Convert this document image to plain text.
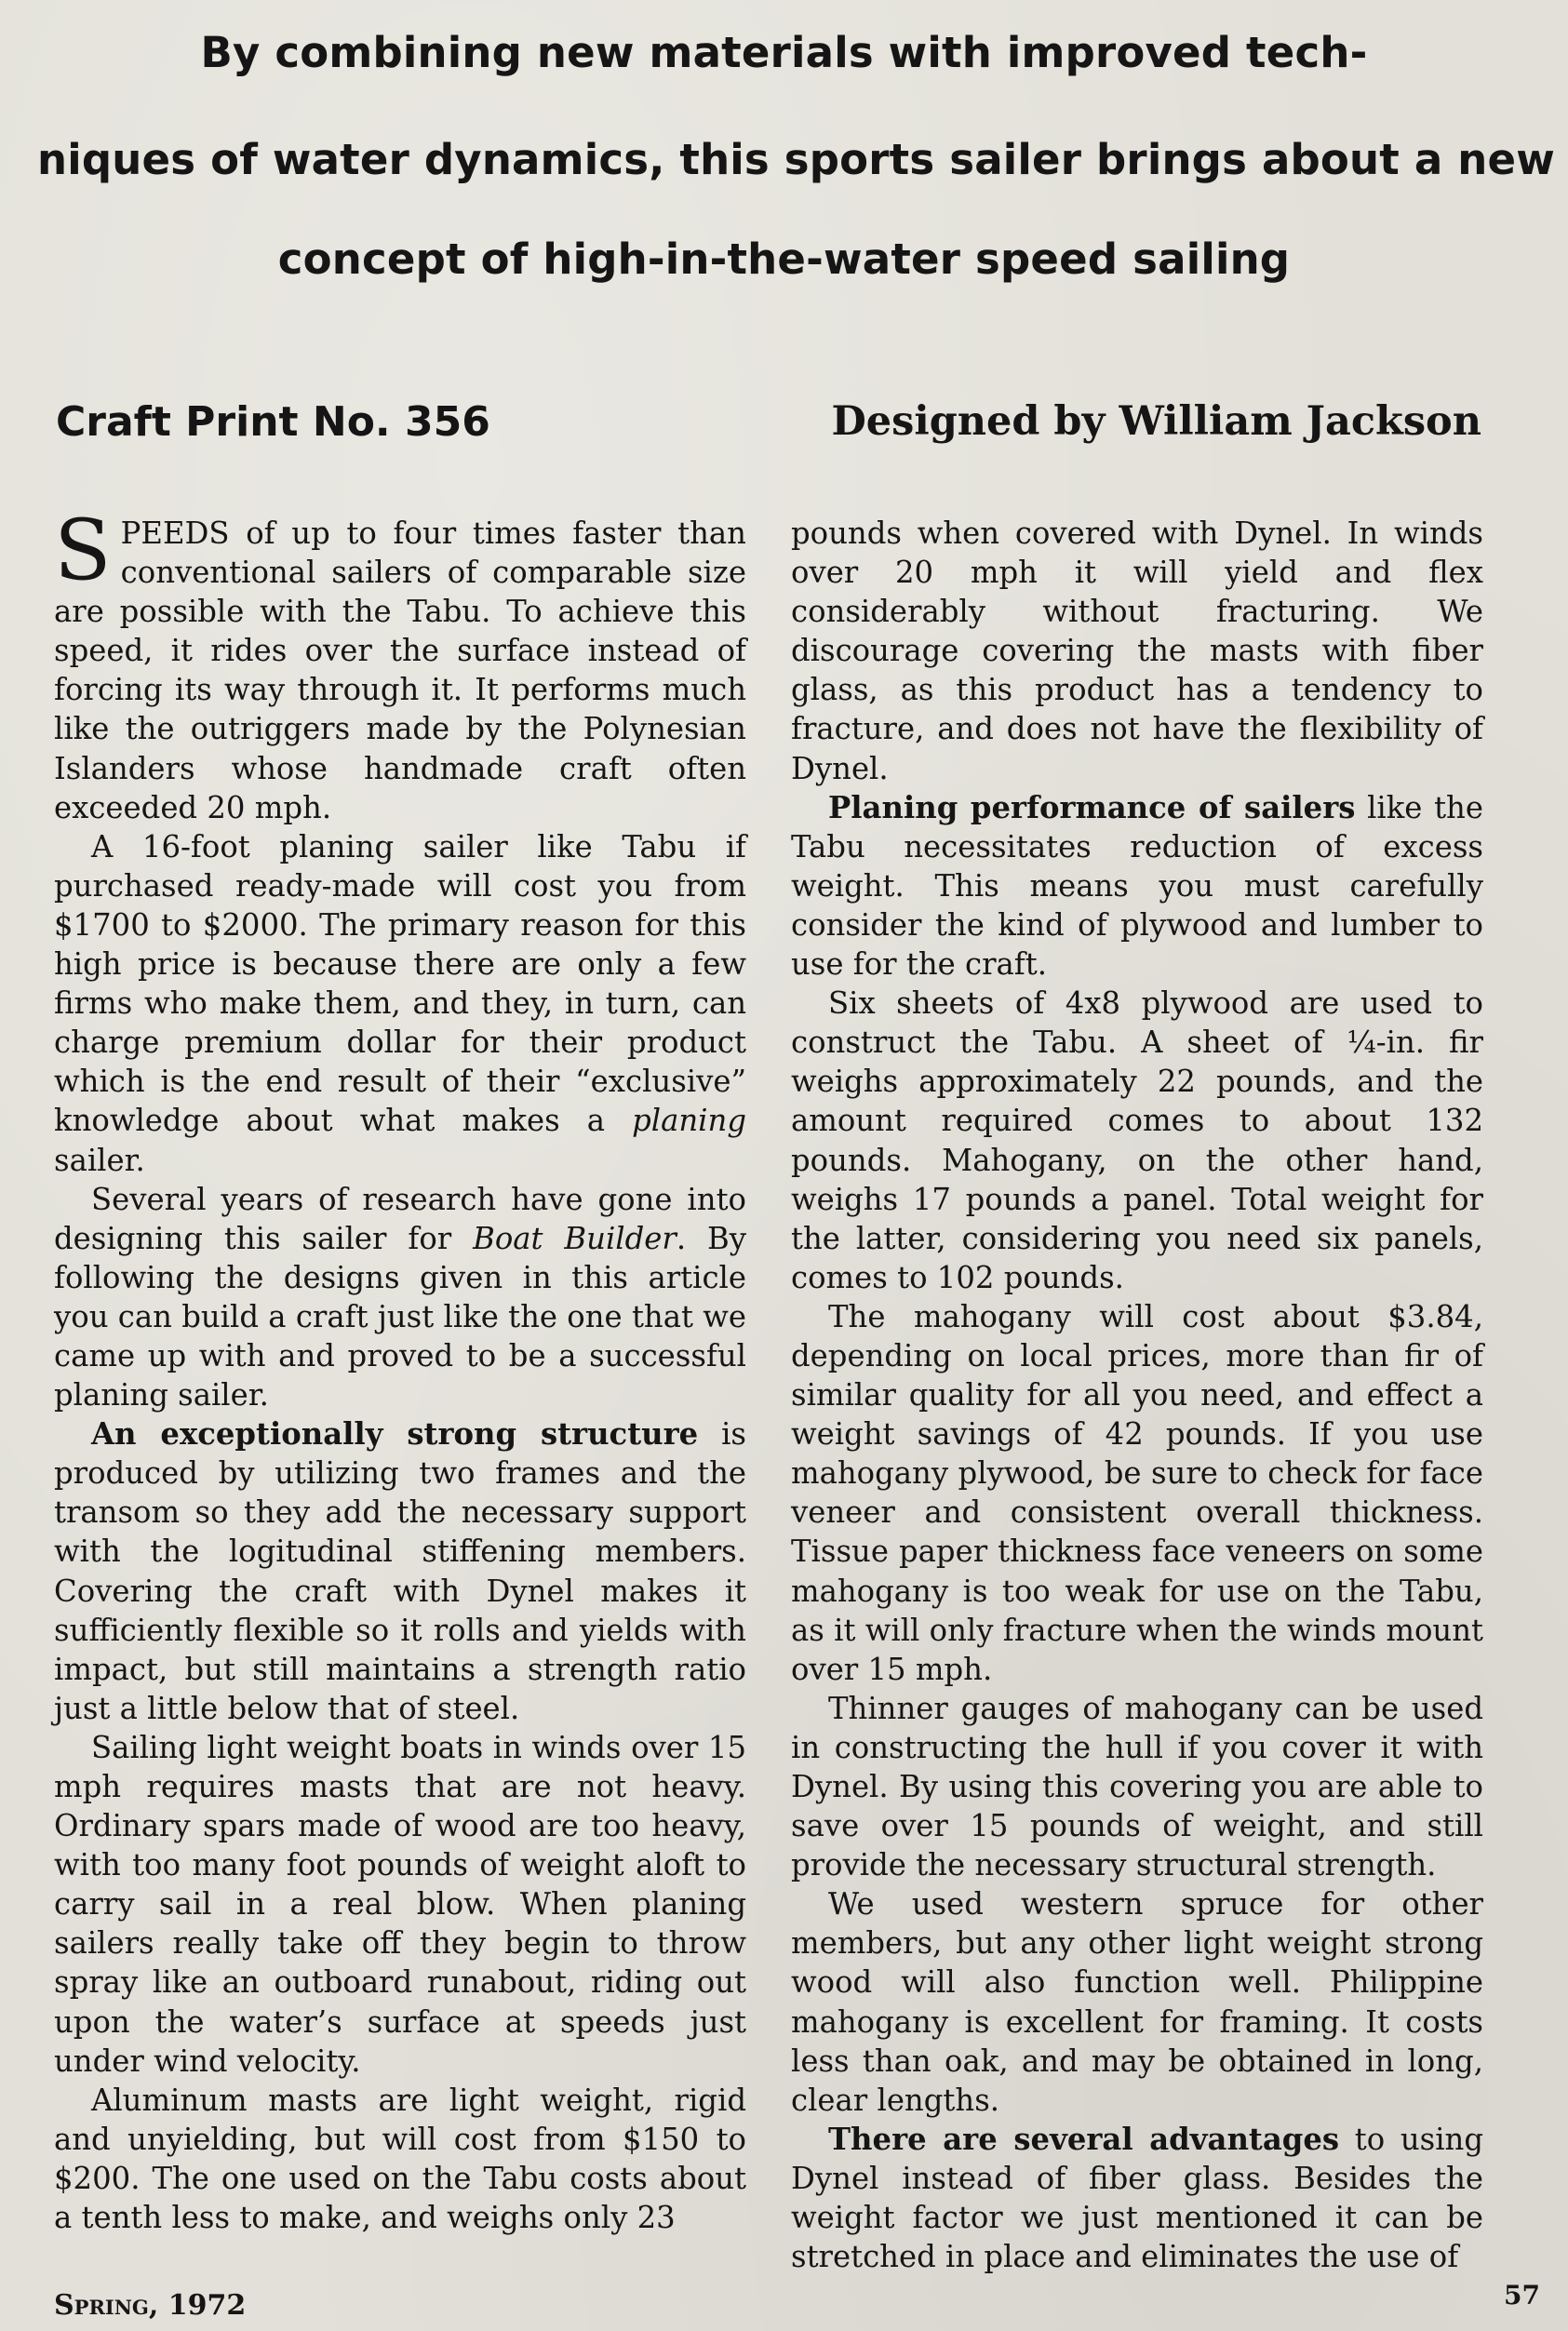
By combining new materials with improved tech-
niques of water dynamics, this sports sailer brings about a new
concept of high-in-the-water speed sailing
Craft Print No. 356	Designed by William Jackson

SPEEDS of up to four times faster than conventional sailers of comparable size are possible with the Tabu. To achieve this speed, it rides over the surface instead of forcing its way through it. It performs much like the outriggers made by the Polynesian Islanders whose handmade craft often exceeded 20 mph.

A 16-foot planing sailer like Tabu if purchased ready-made will cost you from $1700 to $2000. The primary reason for this high price is because there are only a few firms who make them, and they, in turn, can charge premium dollar for their product which is the end result of their “exclusive” knowledge about what makes a planing sailer.

Several years of research have gone into designing this sailer for Boat Builder. By following the designs given in this article you can build a craft just like the one that we came up with and proved to be a successful planing sailer.

An exceptionally strong structure is produced by utilizing two frames and the transom so they add the necessary support with the logitudinal stiffening members. Covering the craft with Dynel makes it sufficiently flexible so it rolls and yields with impact, but still maintains a strength ratio just a little below that of steel.

Sailing light weight boats in winds over 15 mph requires masts that are not heavy. Ordinary spars made of wood are too heavy, with too many foot pounds of weight aloft to carry sail in a real blow. When planing sailers really take off they begin to throw spray like an outboard runabout, riding out upon the water’s surface at speeds just under wind velocity.

Aluminum masts are light weight, rigid and unyielding, but will cost from $150 to $200. The one used on the Tabu costs about a tenth less to make, and weighs only 23

pounds when covered with Dynel. In winds over 20 mph it will yield and flex considerably without fracturing. We discourage covering the masts with fiber glass, as this product has a tendency to fracture, and does not have the flexibility of Dynel.

Planing performance of sailers like the Tabu necessitates reduction of excess weight. This means you must carefully consider the kind of plywood and lumber to use for the craft.

Six sheets of 4x8 plywood are used to construct the Tabu. A sheet of ¼-in. fir weighs approximately 22 pounds, and the amount required comes to about 132 pounds. Mahogany, on the other hand, weighs 17 pounds a panel. Total weight for the latter, considering you need six panels, comes to 102 pounds.

The mahogany will cost about $3.84, depending on local prices, more than fir of similar quality for all you need, and effect a weight savings of 42 pounds. If you use mahogany plywood, be sure to check for face veneer and consistent overall thickness. Tissue paper thickness face veneers on some mahogany is too weak for use on the Tabu, as it will only fracture when the winds mount over 15 mph.

Thinner gauges of mahogany can be used in constructing the hull if you cover it with Dynel. By using this covering you are able to save over 15 pounds of weight, and still provide the necessary structural strength.

We used western spruce for other members, but any other light weight strong wood will also function well. Philippine mahogany is excellent for framing. It costs less than oak, and may be obtained in long, clear lengths.

There are several advantages to using Dynel instead of fiber glass. Besides the weight factor we just mentioned it can be stretched in place and eliminates the use of

Spring, 1972	57
